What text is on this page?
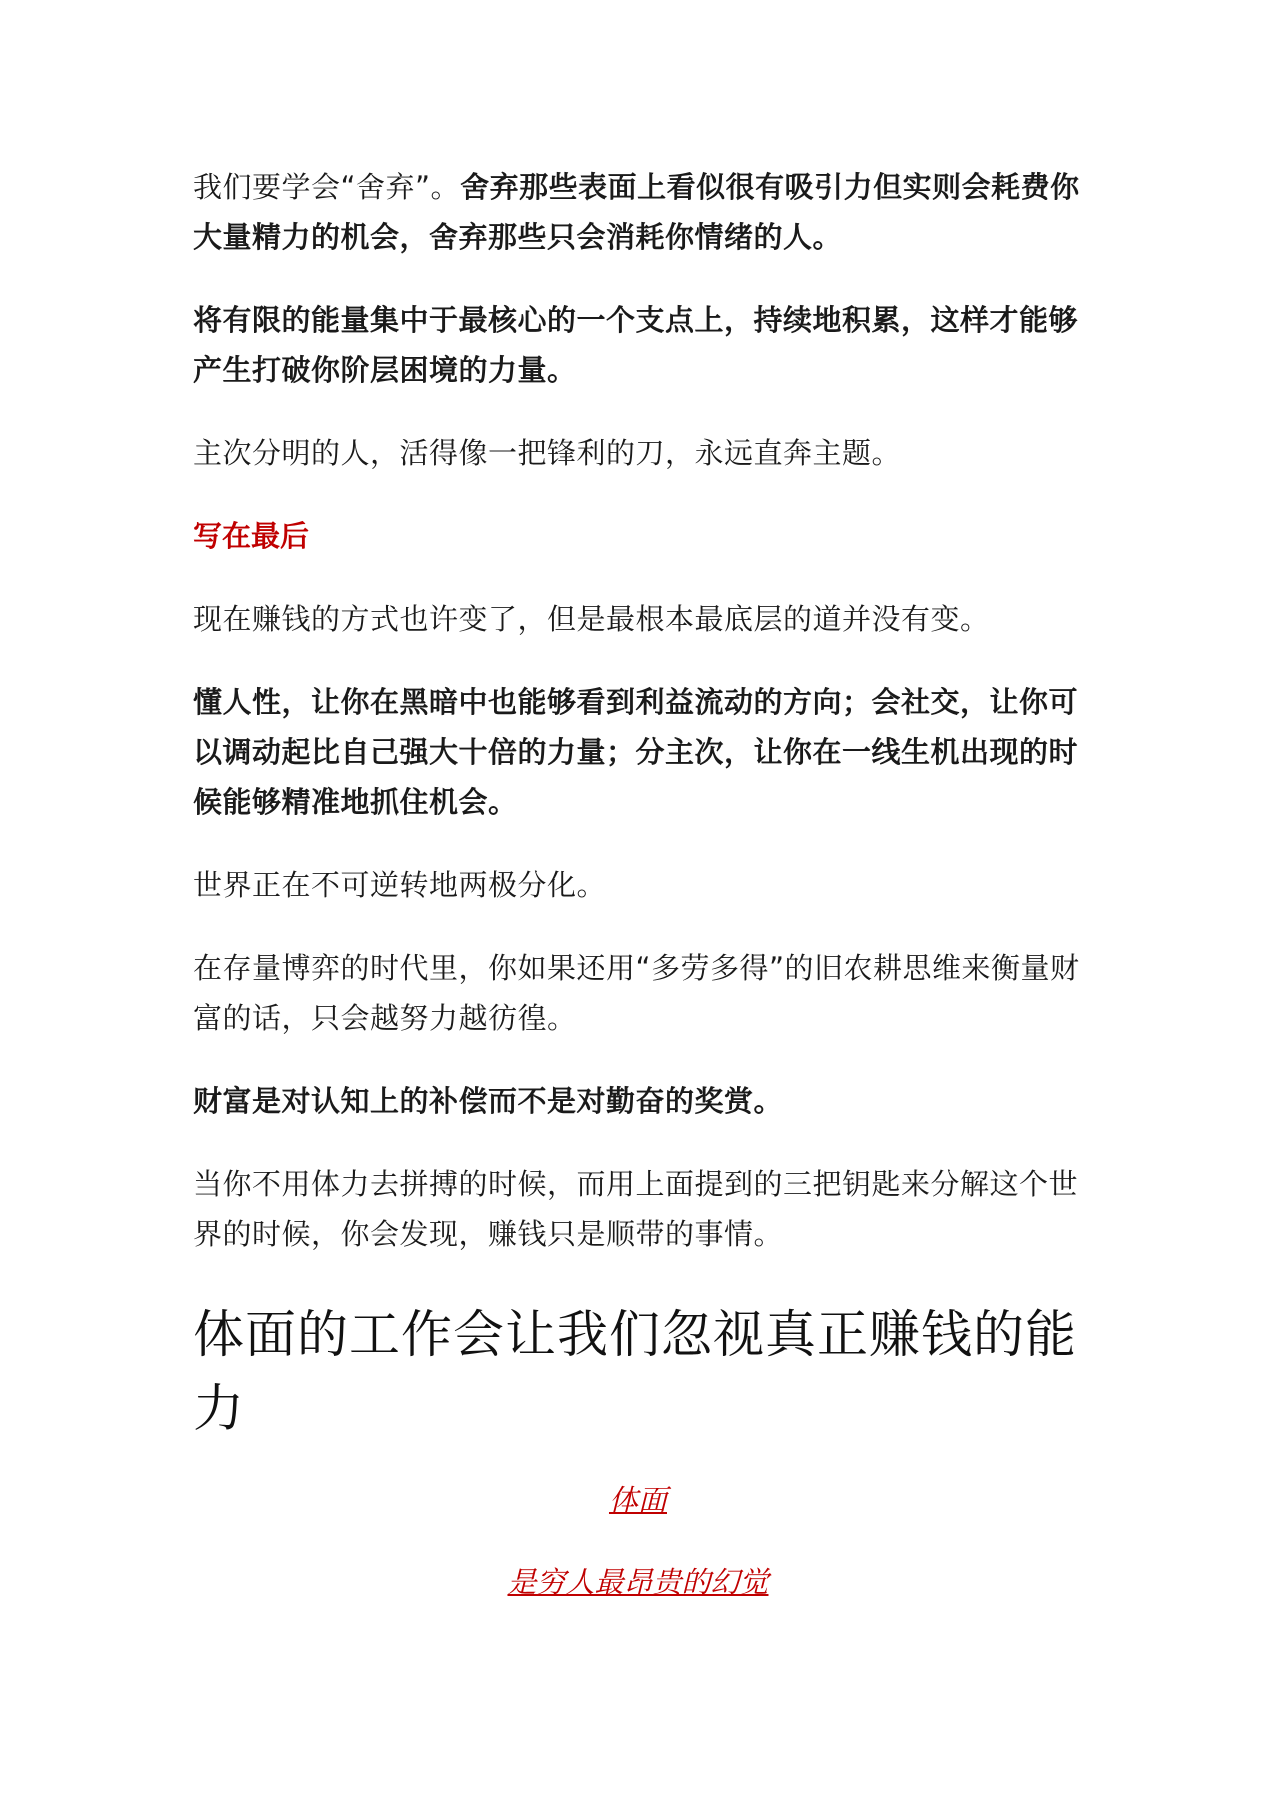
我们要学会“舍弃”。舍弃那些表面上看似很有吸引力但实则会耗费你大量精力的机会，舍弃那些只会消耗你情绪的人。

将有限的能量集中于最核心的一个支点上，持续地积累，这样才能够产生打破你阶层困境的力量。

主次分明的人，活得像一把锋利的刀，永远直奔主题。

写在最后

现在赚钱的方式也许变了，但是最根本最底层的道并没有变。

懂人性，让你在黑暗中也能够看到利益流动的方向；会社交，让你可以调动起比自己强大十倍的力量；分主次，让你在一线生机出现的时候能够精准地抓住机会。

世界正在不可逆转地两极分化。

在存量博弈的时代里，你如果还用“多劳多得”的旧农耕思维来衡量财富的话，只会越努力越彷徨。

财富是对认知上的补偿而不是对勤奋的奖赏。

当你不用体力去拼搏的时候，而用上面提到的三把钥匙来分解这个世界的时候，你会发现，赚钱只是顺带的事情。

体面的工作会让我们忽视真正赚钱的能力
体面
是穷人最昂贵的幻觉
